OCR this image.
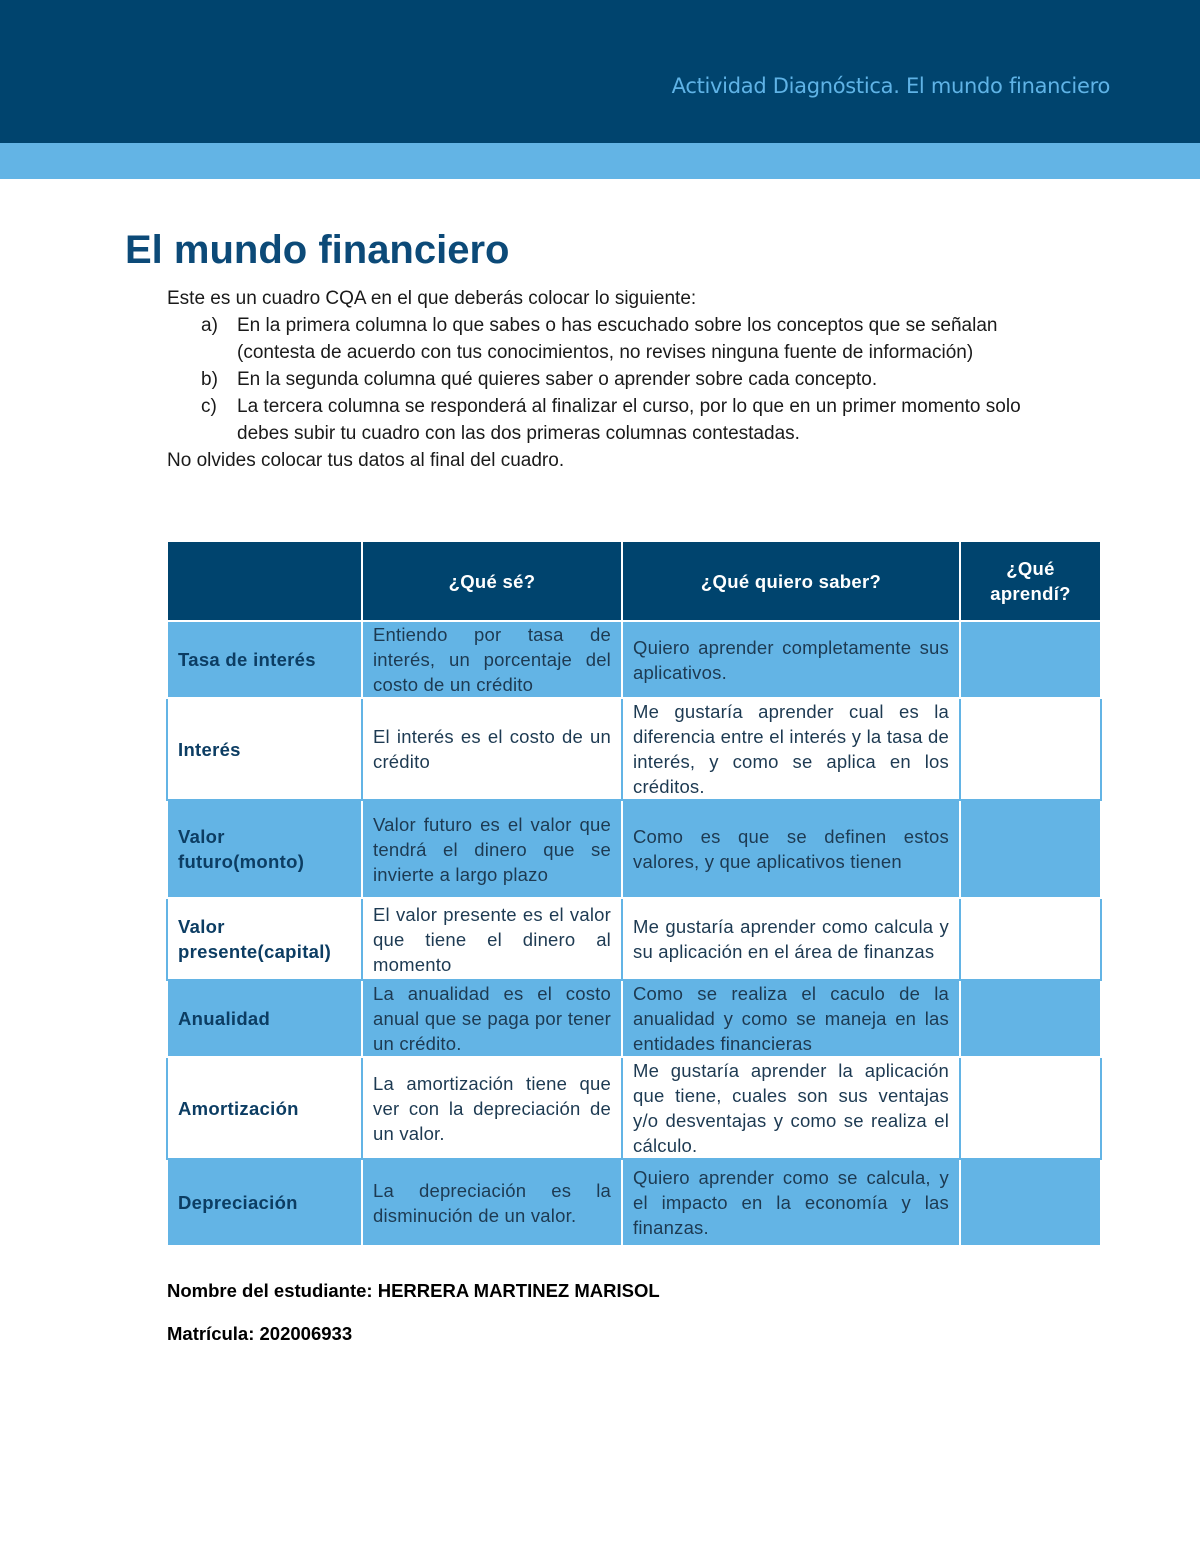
Actividad Diagnóstica. El mundo financiero
El mundo financiero

Este es un cuadro CQA en el que deberás colocar lo siguiente:

a) En la primera columna lo que sabes o has escuchado sobre los conceptos que se señalan (contesta de acuerdo con tus conocimientos, no revises ninguna fuente de información)
b) En la segunda columna qué quieres saber o aprender sobre cada concepto.
c) La tercera columna se responderá al finalizar el curso, por lo que en un primer momento solo debes subir tu cuadro con las dos primeras columnas contestadas.

No olvides colocar tus datos al final del cuadro.

	¿Qué sé?	¿Qué quiero saber?	¿Qué aprendí?
Tasa de interés	Entiendo por tasa de interés, un porcentaje del costo de un crédito	Quiero aprender completamente sus aplicativos.	
Interés	El interés es el costo de un crédito	Me gustaría aprender cual es la diferencia entre el interés y la tasa de interés, y como se aplica en los créditos.	
Valor futuro(monto)	Valor futuro es el valor que tendrá el dinero que se invierte a largo plazo	Como es que se definen estos valores, y que aplicativos tienen	
Valor presente(capital)	El valor presente es el valor que tiene el dinero al momento	Me gustaría aprender como calcula y su aplicación en el área de finanzas	
Anualidad	La anualidad es el costo anual que se paga por tener un crédito.	Como se realiza el caculo de la anualidad y como se maneja en las entidades financieras	
Amortización	La amortización tiene que ver con la depreciación de un valor.	Me gustaría aprender la aplicación que tiene, cuales son sus ventajas y/o desventajas y como se realiza el cálculo.	
Depreciación	La depreciación es la disminución de un valor.	Quiero aprender como se calcula, y el impacto en la economía y las finanzas.	
Nombre del estudiante: HERRERA MARTINEZ MARISOL
Matrícula: 202006933
